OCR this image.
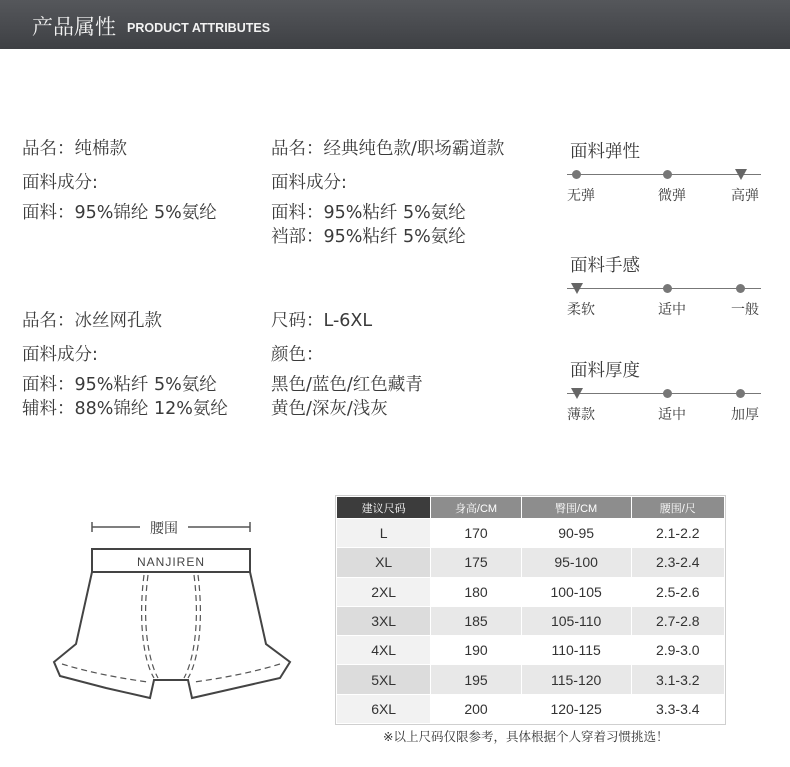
产品属性 PRODUCT ATTRIBUTES
品名：纯棉款
面料成分:
面料：95%锦纶 5%氨纶
品名：经典纯色款/职场霸道款
面料成分:
面料：95%粘纤 5%氨纶
裆部：95%粘纤 5%氨纶
品名：冰丝网孔款
面料成分:
面料：95%粘纤 5%氨纶
辅料：88%锦纶 12%氨纶
尺码：L-6XL
颜色：
黑色/蓝色/红色藏青
黄色/深灰/浅灰
面料弹性
无弹	微弹	高弹
面料手感
柔软	适中	一般
面料厚度
薄款	适中	加厚
腰围
NANJIREN
建议尺码	身高/CM	臀围/CM	腰围/尺
L	170	90-95	2.1-2.2
XL	175	95-100	2.3-2.4
2XL	180	100-105	2.5-2.6
3XL	185	105-110	2.7-2.8
4XL	190	110-115	2.9-3.0
5XL	195	115-120	3.1-3.2
6XL	200	120-125	3.3-3.4
※以上尺码仅限参考，具体根据个人穿着习惯挑选！
